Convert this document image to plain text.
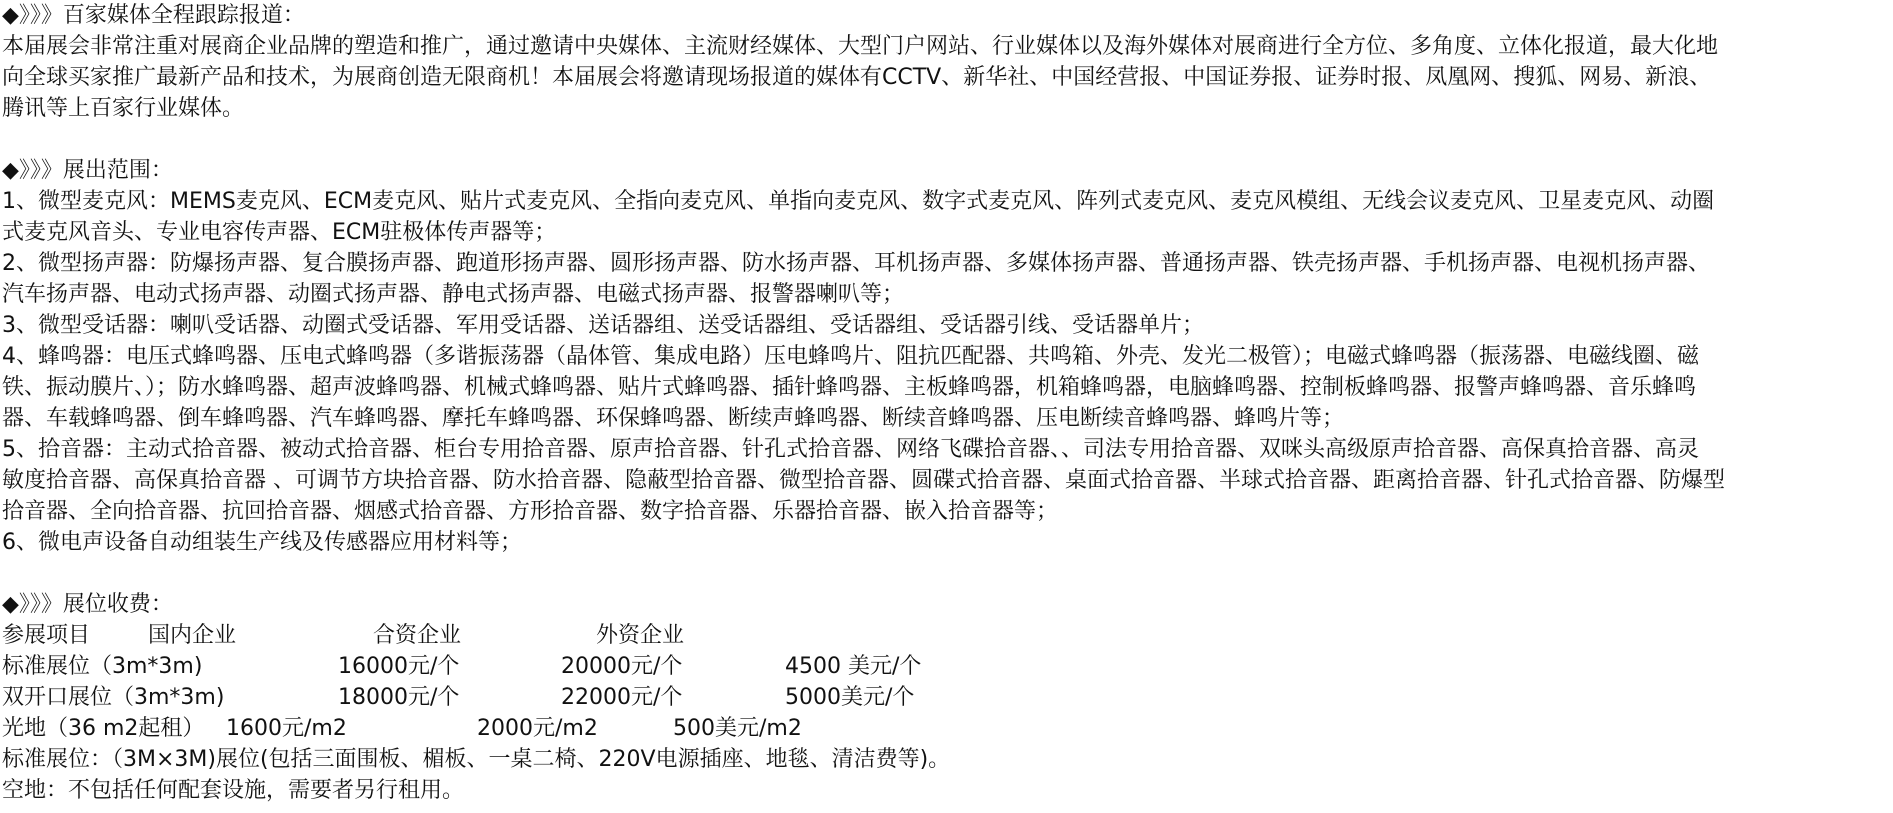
◆》》》百家媒体全程跟踪报道：
本届展会非常注重对展商企业品牌的塑造和推广，通过邀请中央媒体、主流财经媒体、大型门户网站、行业媒体以及海外媒体对展商进行全方位、多角度、立体化报道，最大化地
向全球买家推广最新产品和技术，为展商创造无限商机！本届展会将邀请现场报道的媒体有CCTV、新华社、中国经营报、中国证券报、证券时报、凤凰网、搜狐、网易、新浪、
腾讯等上百家行业媒体。
◆》》》展出范围：
1、微型麦克风：MEMS麦克风、ECM麦克风、贴片式麦克风、全指向麦克风、单指向麦克风、数字式麦克风、阵列式麦克风、麦克风模组、无线会议麦克风、卫星麦克风、动圈
式麦克风音头、专业电容传声器、ECM驻极体传声器等；
2、微型扬声器：防爆扬声器、复合膜扬声器、跑道形扬声器、圆形扬声器、防水扬声器、耳机扬声器、多媒体扬声器、普通扬声器、铁壳扬声器、手机扬声器、电视机扬声器、
汽车扬声器、电动式扬声器、动圈式扬声器、静电式扬声器、电磁式扬声器、报警器喇叭等；
3、微型受话器：喇叭受话器、动圈式受话器、军用受话器、送话器组、送受话器组、受话器组、受话器引线、受话器单片；
4、蜂鸣器：电压式蜂鸣器、压电式蜂鸣器（多谐振荡器（晶体管、集成电路）压电蜂鸣片、阻抗匹配器、共鸣箱、外壳、发光二极管）；电磁式蜂鸣器（振荡器、电磁线圈、磁
铁、振动膜片、）；防水蜂鸣器、超声波蜂鸣器、机械式蜂鸣器、贴片式蜂鸣器、插针蜂鸣器、主板蜂鸣器，机箱蜂鸣器，电脑蜂鸣器、控制板蜂鸣器、报警声蜂鸣器、音乐蜂鸣
器、车载蜂鸣器、倒车蜂鸣器、汽车蜂鸣器、摩托车蜂鸣器、环保蜂鸣器、断续声蜂鸣器、断续音蜂鸣器、压电断续音蜂鸣器、蜂鸣片等；
5、拾音器：主动式拾音器、被动式拾音器、柜台专用拾音器、原声拾音器、针孔式拾音器、网络飞碟拾音器、、司法专用拾音器、双咪头高级原声拾音器、高保真拾音器、高灵
敏度拾音器、高保真拾音器 、可调节方块拾音器、防水拾音器、隐蔽型拾音器、微型拾音器、圆碟式拾音器、桌面式拾音器、半球式拾音器、距离拾音器、针孔式拾音器、防爆型
拾音器、全向拾音器、抗回拾音器、烟感式拾音器、方形拾音器、数字拾音器、乐器拾音器、嵌入拾音器等；
6、微电声设备自动组装生产线及传感器应用材料等；
◆》》》展位收费：
参展项目	国内企业	合资企业	外资企业
标准展位（3m*3m)	16000元/个	20000元/个	4500 美元/个
双开口展位（3m*3m)	18000元/个	22000元/个	5000美元/个
光地（36 m2起租） 1600元/m2	2000元/m2	500美元/m2
标准展位：（3M×3M)展位(包括三面围板、楣板、一桌二椅、220V电源插座、地毯、清洁费等)。
空地：不包括任何配套设施，需要者另行租用。
